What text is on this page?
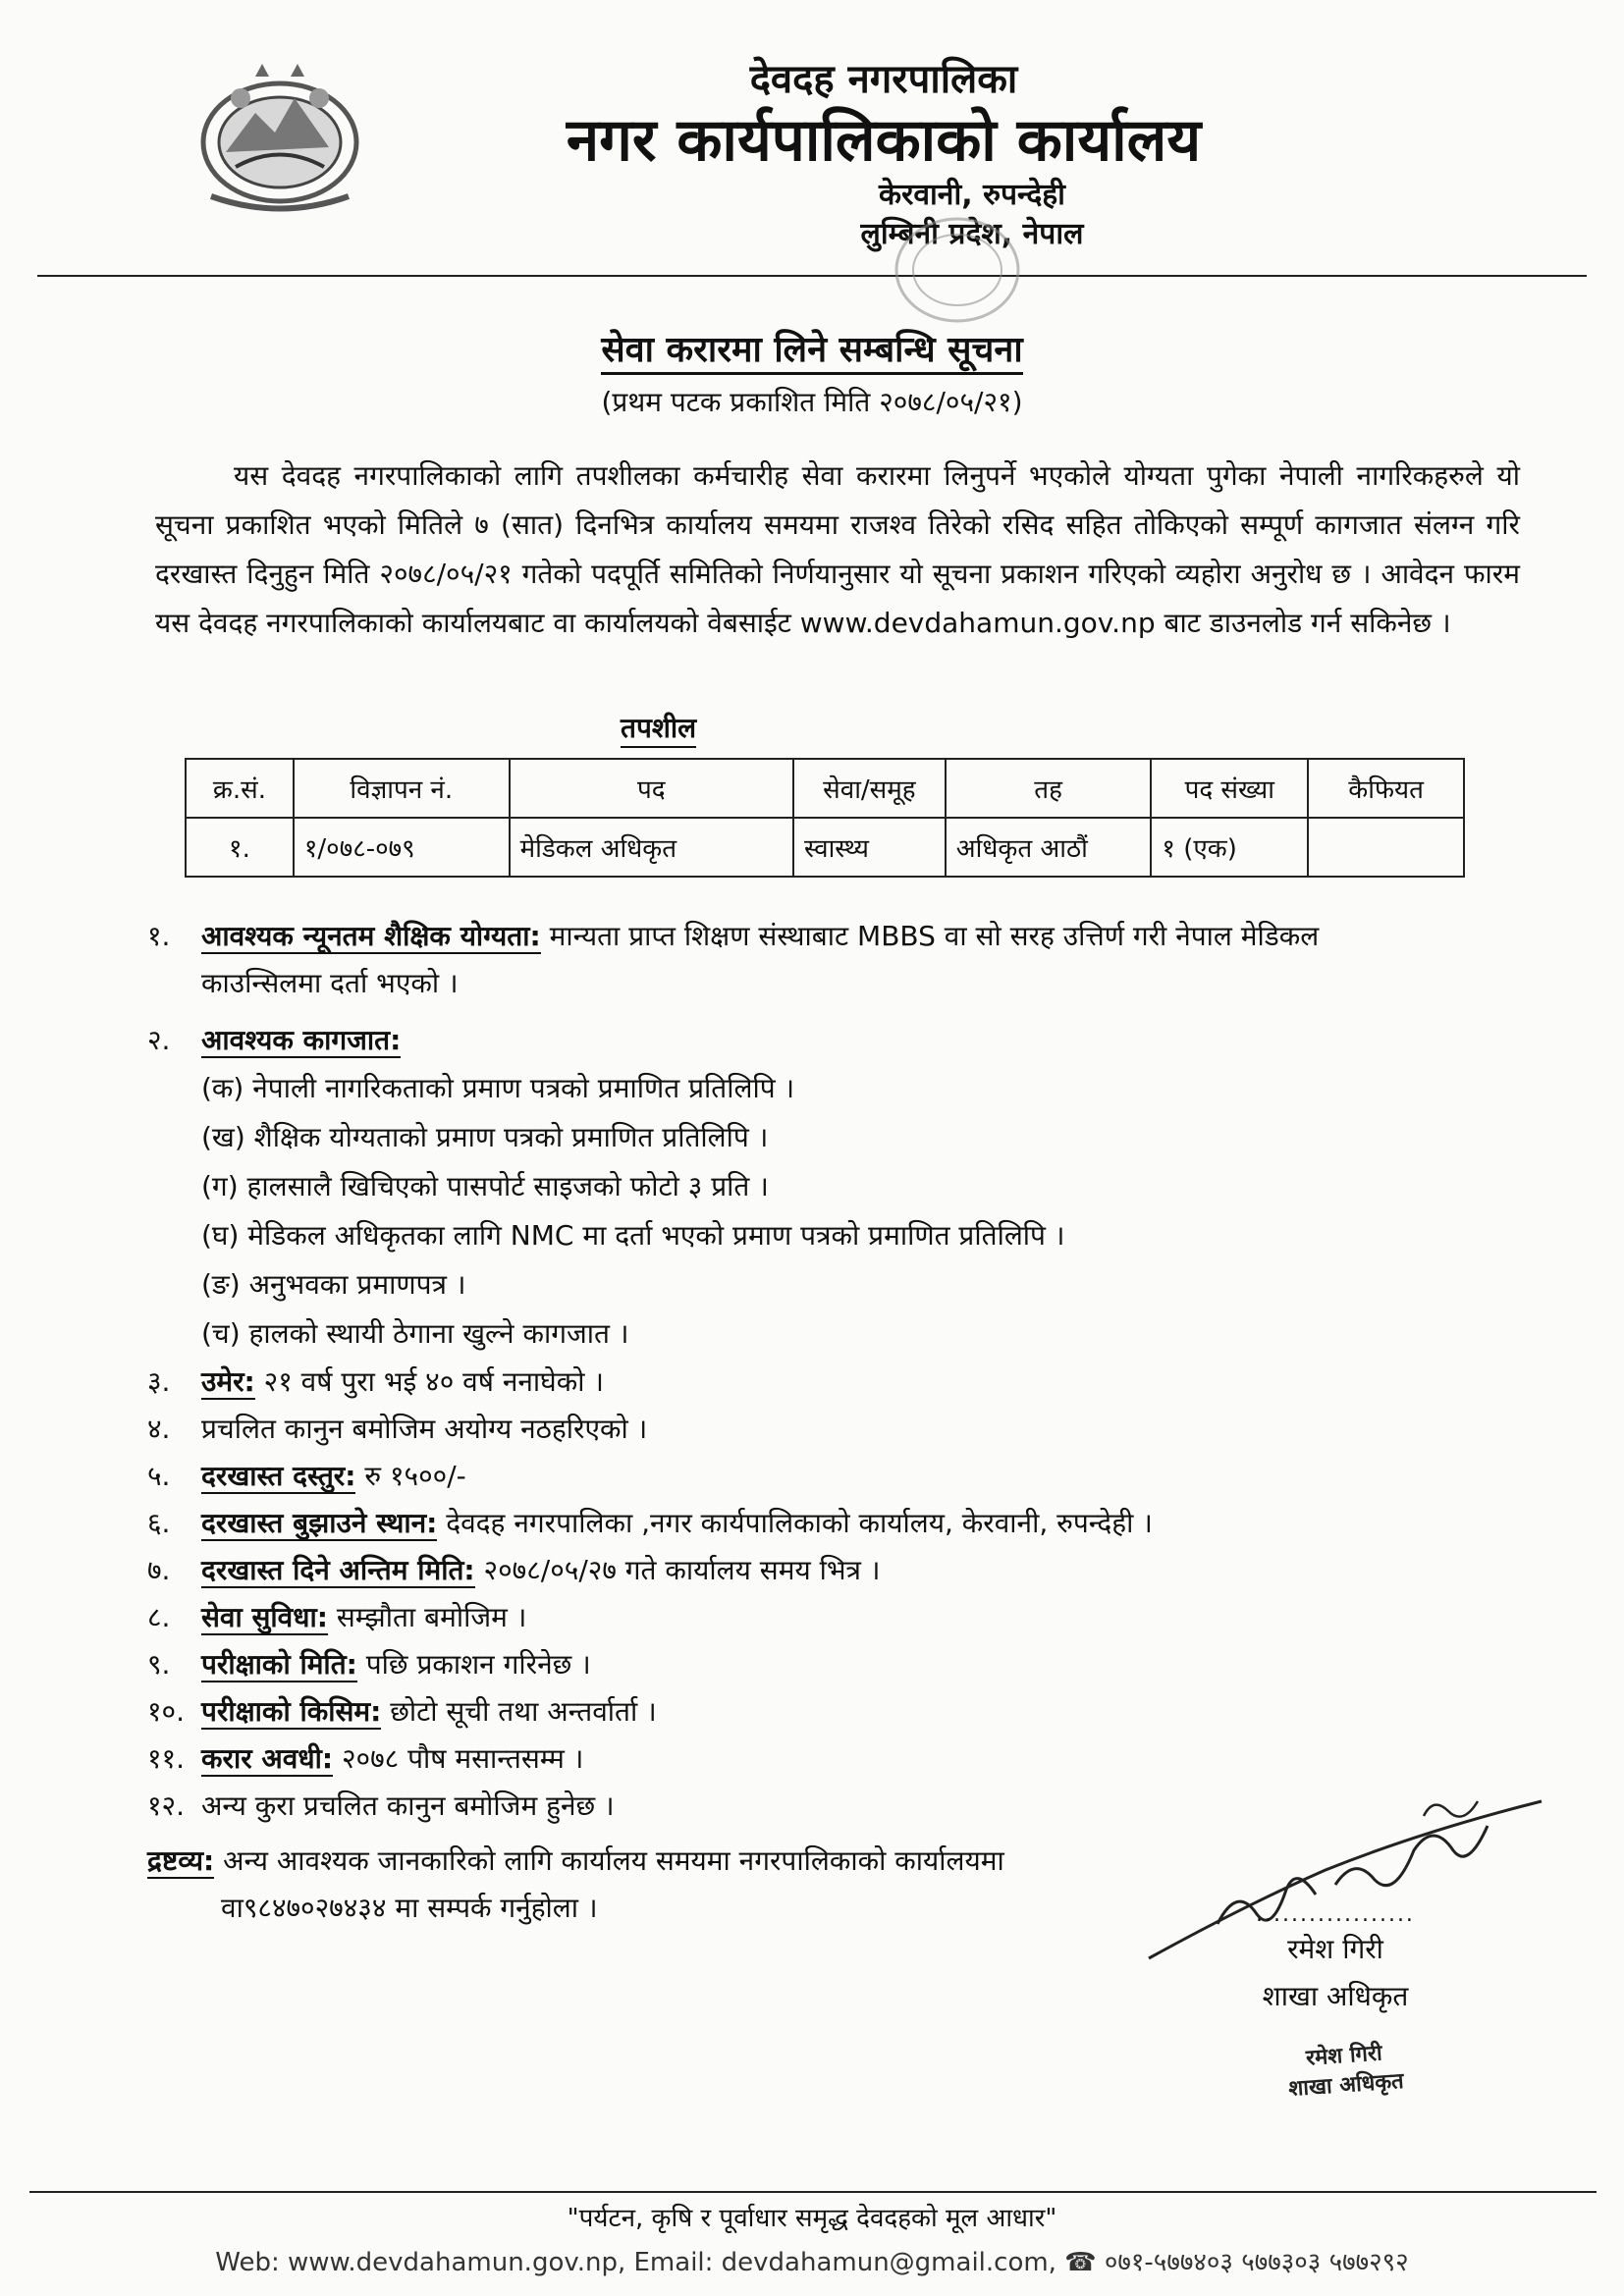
देवदह नगरपालिका
नगर कार्यपालिकाको कार्यालय
केरवानी, रुपन्देही
लुम्बिनी प्रदेश, नेपाल
सेवा करारमा लिने सम्बन्धि सूचना
(प्रथम पटक प्रकाशित मिति २०७८/०५/२१)
यस देवदह नगरपालिकाको लागि तपशीलका कर्मचारीह सेवा करारमा लिनुपर्ने भएकोले योग्यता पुगेका नेपाली नागरिकहरुले यो सूचना प्रकाशित भएको मितिले ७ (सात) दिनभित्र कार्यालय समयमा राजश्व तिरेको रसिद सहित तोकिएको सम्पूर्ण कागजात संलग्न गरि दरखास्त दिनुहुन मिति २०७८/०५/२१ गतेको पदपूर्ति समितिको निर्णयानुसार यो सूचना प्रकाशन गरिएको व्यहोरा अनुरोध छ । आवेदन फारम यस देवदह नगरपालिकाको कार्यालयबाट वा कार्यालयको वेबसाईट www.devdahamun.gov.np बाट डाउनलोड गर्न सकिनेछ ।
तपशील
क्र.सं.	विज्ञापन नं.	पद	सेवा/समूह	तह	पद संख्या	कैफियत
१.	१/०७८-०७९	मेडिकल अधिकृत	स्वास्थ्य	अधिकृत आठौं	१ (एक)	
१. आवश्यक न्यूनतम शैक्षिक योग्यता: मान्यता प्राप्त शिक्षण संस्थाबाट MBBS वा सो सरह उत्तिर्ण गरी नेपाल मेडिकल
काउन्सिलमा दर्ता भएको ।
२. आवश्यक कागजात:
(क) नेपाली नागरिकताको प्रमाण पत्रको प्रमाणित प्रतिलिपि ।
(ख) शैक्षिक योग्यताको प्रमाण पत्रको प्रमाणित प्रतिलिपि ।
(ग) हालसालै खिचिएको पासपोर्ट साइजको फोटो ३ प्रति ।
(घ) मेडिकल अधिकृतका लागि NMC मा दर्ता भएको प्रमाण पत्रको प्रमाणित प्रतिलिपि ।
(ङ) अनुभवका प्रमाणपत्र ।
(च) हालको स्थायी ठेगाना खुल्ने कागजात ।
३. उमेर: २१ वर्ष पुरा भई ४० वर्ष ननाघेको ।
४. प्रचलित कानुन बमोजिम अयोग्य नठहरिएको ।
५. दरखास्त दस्तुर: रु १५००/-
६. दरखास्त बुझाउने स्थान: देवदह नगरपालिका ,नगर कार्यपालिकाको कार्यालय, केरवानी, रुपन्देही ।
७. दरखास्त दिने अन्तिम मिति: २०७८/०५/२७ गते कार्यालय समय भित्र ।
८. सेवा सुविधा: सम्झौता बमोजिम ।
९. परीक्षाको मिति: पछि प्रकाशन गरिनेछ ।
१०. परीक्षाको किसिम: छोटो सूची तथा अन्तर्वार्ता ।
११. करार अवधी: २०७८ पौष मसान्तसम्म ।
१२. अन्य कुरा प्रचलित कानुन बमोजिम हुनेछ ।
द्रष्टव्य: अन्य आवश्यक जानकारिको लागि कार्यालय समयमा नगरपालिकाको कार्यालयमा
वा९८४७०२७४३४ मा सम्पर्क गर्नुहोला ।	..................
रमेश गिरी
शाखा अधिकृत
रमेश गिरी
शाखा अधिकृत
"पर्यटन, कृषि र पूर्वाधार समृद्ध देवदहको मूल आधार"
Web: www.devdahamun.gov.np, Email: devdahamun@gmail.com, ☎ ०७१-५७७४०३ ५७७३०३ ५७७२९२
